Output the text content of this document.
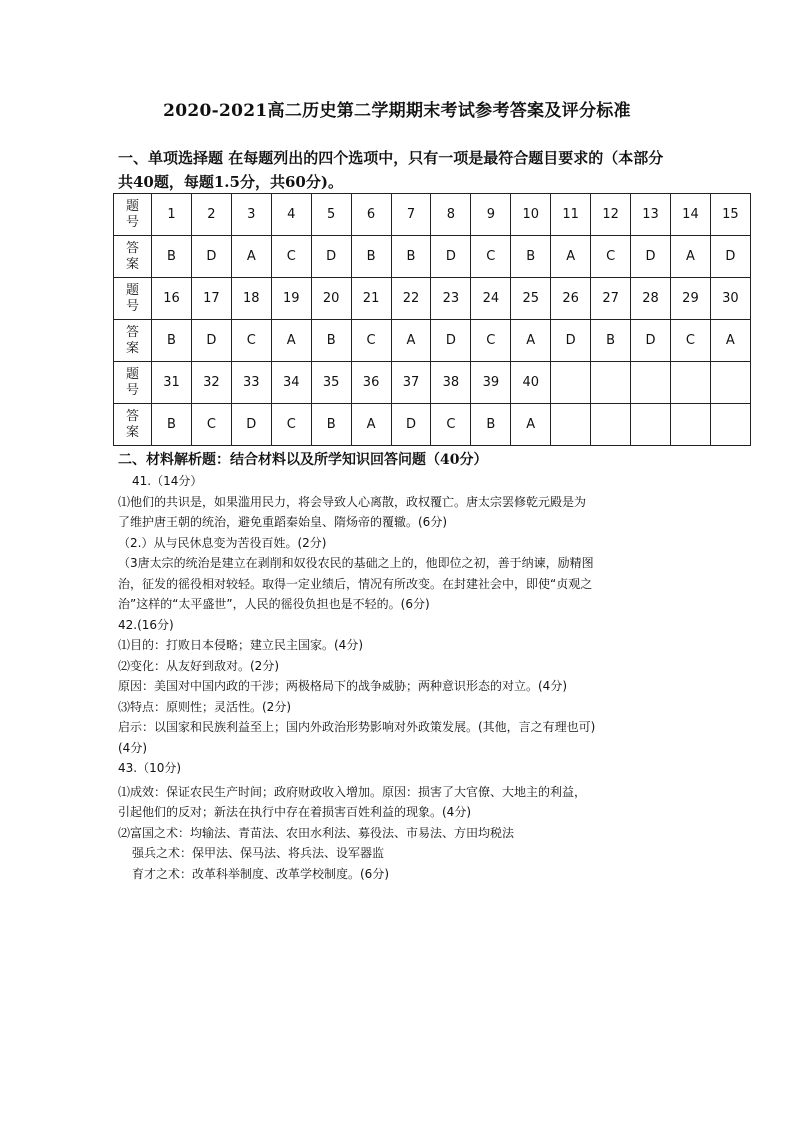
2020-2021高二历史第二学期期末考试参考答案及评分标准
一、单项选择题 在每题列出的四个选项中，只有一项是最符合题目要求的（本部分共40题，每题1.5分，共60分)。
题
号	1	2	3	4	5	6	7	8	9	10	11	12	13	14	15

答
案	B	D	A	C	D	B	B	D	C	B	A	C	D	A	D

题
号	16	17	18	19	20	21	22	23	24	25	26	27	28	29	30

答
案	B	D	C	A	B	C	A	D	C	A	D	B	D	C	A

题
号	31	32	33	34	35	36	37	38	39	40					

答
案	B	C	D	C	B	A	D	C	B	A					
二、材料解析题：结合材料以及所学知识回答问题（40分）

41.（14分）

⑴他们的共识是，如果滥用民力，将会导致人心离散，政权覆亡。唐太宗罢修乾元殿是为

了维护唐王朝的统治，避免重蹈秦始皇、隋炀帝的覆辙。(6分)

（2.）从与民休息变为苦役百姓。(2分)

（3唐太宗的统治是建立在剥削和奴役农民的基础之上的，他即位之初，善于纳谏，励精图

治，征发的徭役相对较轻。取得一定业绩后，情况有所改变。在封建社会中，即使“贞观之

治”这样的“太平盛世”，人民的徭役负担也是不轻的。(6分)

42.(16分)

⑴目的：打败日本侵略；建立民主国家。(4分)

⑵变化：从友好到敌对。(2分)

原因：美国对中国内政的干涉；两极格局下的战争威胁；两种意识形态的对立。(4分)

⑶特点：原则性；灵活性。(2分)

启示：以国家和民族利益至上；国内外政治形势影响对外政策发展。(其他，言之有理也可)

(4分)

43.（10分)

⑴成效：保证农民生产时间；政府财政收入增加。原因：损害了大官僚、大地主的利益，

引起他们的反对；新法在执行中存在着损害百姓利益的现象。(4分)

⑵富国之术：均输法、青苗法、农田水利法、募役法、市易法、方田均税法

强兵之术：保甲法、保马法、将兵法、设军器监

育才之术：改革科举制度、改革学校制度。(6分)
